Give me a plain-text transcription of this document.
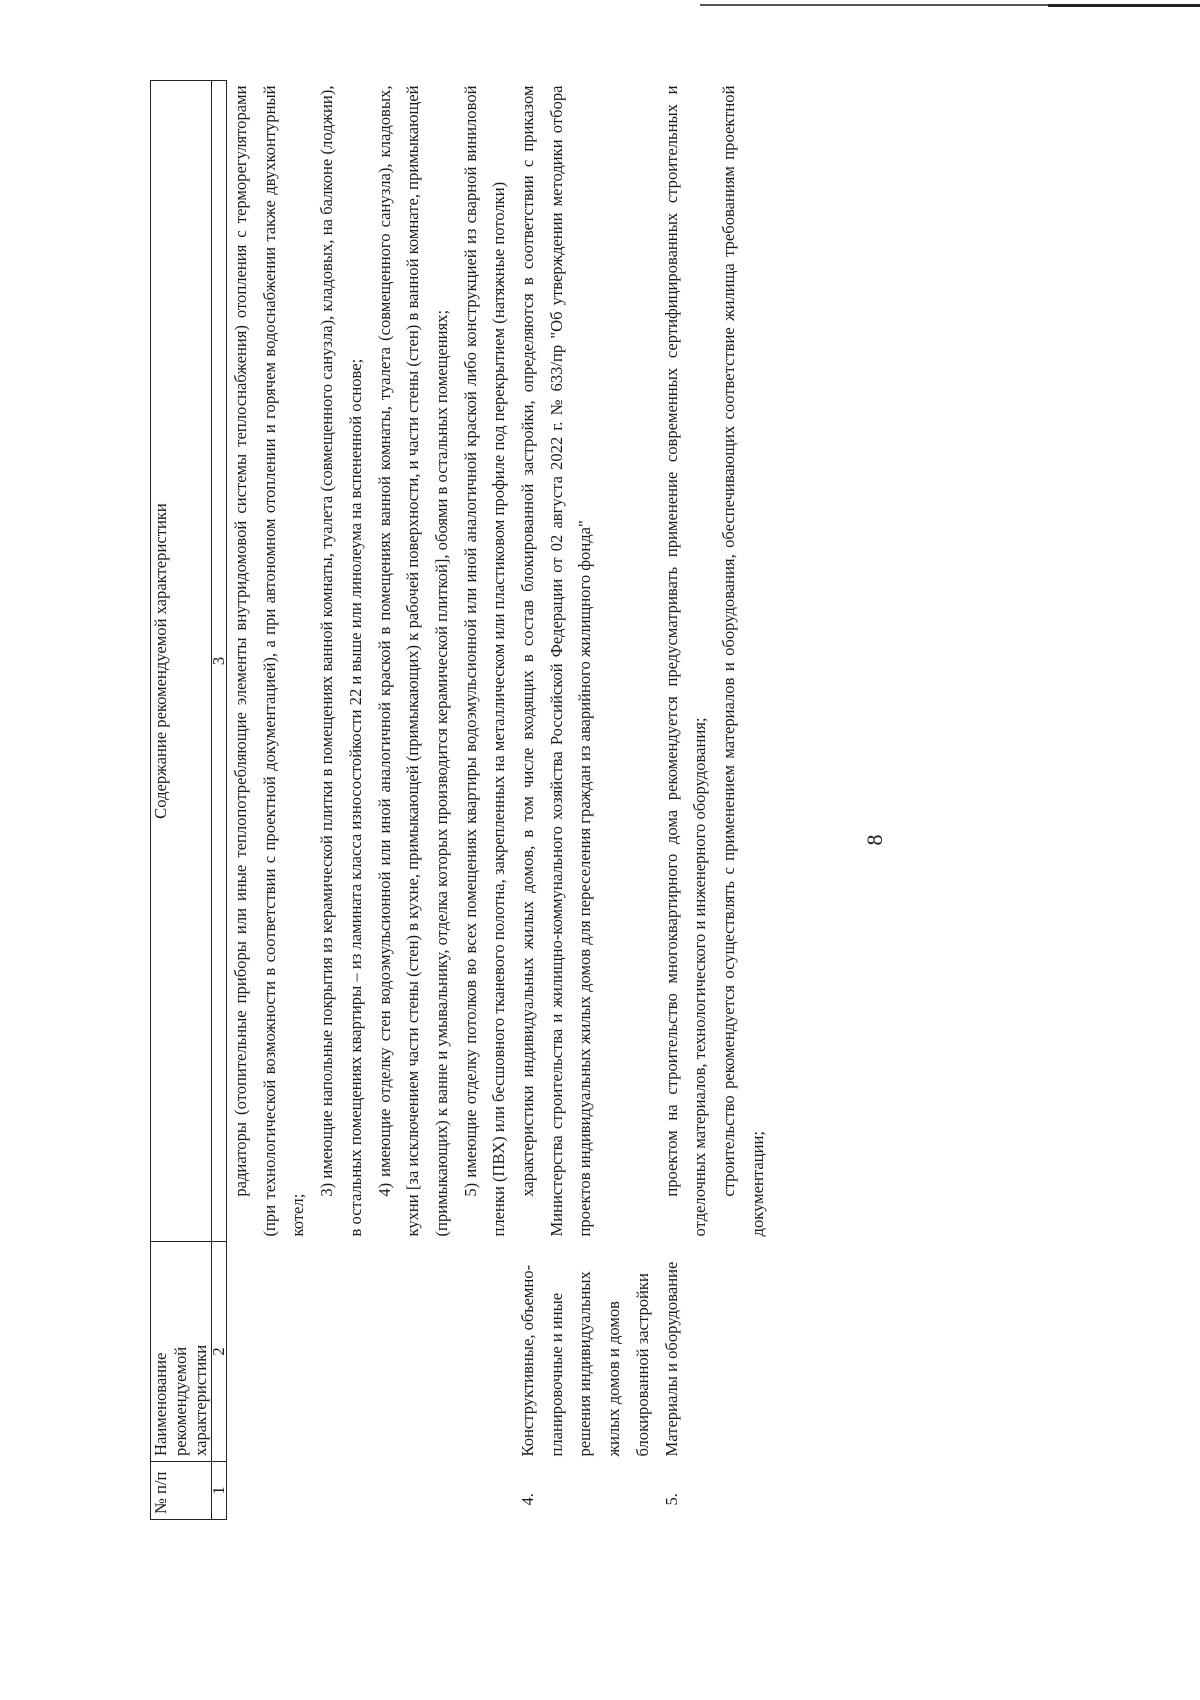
№ п/п	Наименование рекомендуемой характеристики	Содержание рекомендуемой характеристики
1	2	3

		радиаторы (отопительные приборы или иные теплопотребляющие элементы внутридомовой системы теплоснабжения) отопления с терморегуляторами (при технологической возможности в соответствии с проектной документацией), а при автономном отоплении и горячем водоснабжении также двухконтурный котел;

3) имеющие напольные покрытия из керамической плитки в помещениях ванной комнаты, туалета (совмещенного санузла), кладовых, на балконе (лоджии), в остальных помещениях квартиры – из ламината класса износостойкости 22 и выше или линолеума на вспененной основе; 4) имеющие отделку стен водоэмульсионной или иной аналогичной краской в помещениях ванной комнаты, туалета (совмещенного санузла), кладовых, кухни [за исключением части стены (стен) в кухне, примыкающей (примыкающих) к рабочей поверхности, и части стены (стен) в ванной комнате, примыкающей (примыкающих) к ванне и умывальнику, отделка которых производится керамической плиткой], обоями в остальных помещениях; 5) имеющие отделку потолков во всех помещениях квартиры водоэмульсионной или иной аналогичной краской либо конструкцией из сварной виниловой пленки (ПВХ) или бесшовного тканевого полотна, закрепленных на металлическом или пластиковом профиле под перекрытием (натяжные потолки)

4.	Конструктивные, объемно-планировочные и иные решения индивидуальных жилых домов и домов блокированной застройки	характеристики индивидуальных жилых домов, в том числе входящих в состав блокированной застройки, определяются в соответствии с приказом Министерства строительства и жилищно-коммунального хозяйства Российской Федерации от 02 августа 2022 г. № 633/пр "Об утверждении методики отбора проектов индивидуальных жилых домов для переселения граждан из аварийного жилищного фонда"

5.	Материалы и оборудование	проектом на строительство многоквартирного дома рекомендуется предусматривать применение современных сертифицированных строительных и отделочных материалов, технологического и инженерного оборудования; строительство рекомендуется осуществлять с применением материалов и оборудования, обеспечивающих соответствие жилища требованиям проектной документации;

8
